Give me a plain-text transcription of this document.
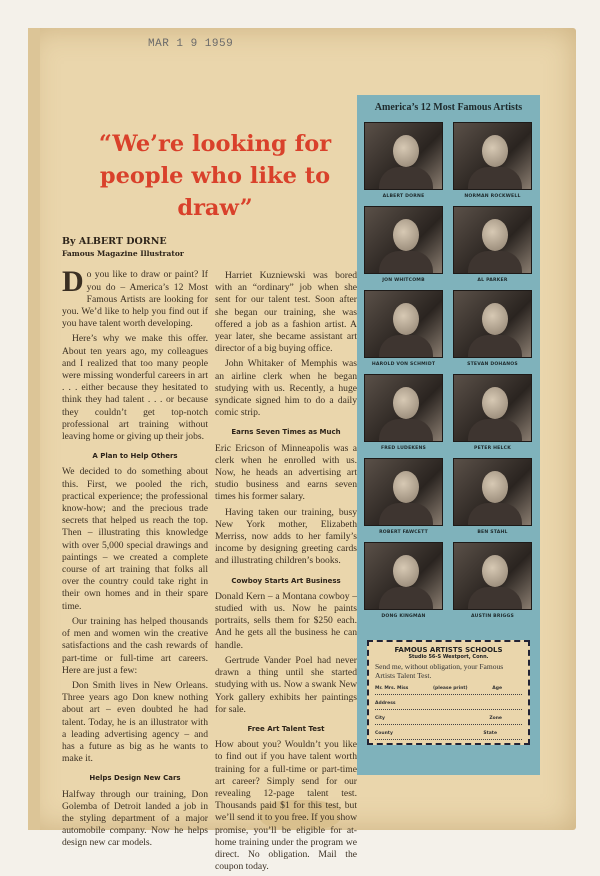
MAR 1 9 1959
“We’re looking for people who like to draw”
By ALBERT DORNE
Famous Magazine Illustrator

Do you like to draw or paint? If you do – America’s 12 Most Famous Artists are looking for you. We’d like to help you find out if you have talent worth developing.

Here’s why we make this offer. About ten years ago, my colleagues and I realized that too many people were missing wonderful careers in art . . . either because they hesitated to think they had talent . . . or because they couldn’t get top-notch professional art training without leaving home or giving up their jobs.

A Plan to Help Others

We decided to do something about this. First, we pooled the rich, practical experience; the professional know-how; and the precious trade secrets that helped us reach the top. Then – illustrating this knowledge with over 5,000 special drawings and paintings – we created a complete course of art training that folks all over the country could take right in their own homes and in their spare time.

Our training has helped thousands of men and women win the creative satisfactions and the cash rewards of part-time or full-time art careers. Here are just a few:

Don Smith lives in New Orleans. Three years ago Don knew nothing about art – even doubted he had talent. Today, he is an illustrator with a leading advertising agency – and has a future as big as he wants to make it.

Helps Design New Cars

Halfway through our training, Don Golemba of Detroit landed a job in the styling department of a major automobile company. Now he helps design new car models.

Harriet Kuzniewski was bored with an “ordinary” job when she sent for our talent test. Soon after she began our training, she was offered a job as a fashion artist. A year later, she became assistant art director of a big buying office.

John Whitaker of Memphis was an airline clerk when he began studying with us. Recently, a huge syndicate signed him to do a daily comic strip.

Earns Seven Times as Much

Eric Ericson of Minneapolis was a clerk when he enrolled with us. Now, he heads an advertising art studio business and earns seven times his former salary.

Having taken our training, busy New York mother, Elizabeth Merriss, now adds to her family’s income by designing greeting cards and illustrating children’s books.

Cowboy Starts Art Business

Donald Kern – a Montana cowboy – studied with us. Now he paints portraits, sells them for $250 each. And he gets all the business he can handle.

Gertrude Vander Poel had never drawn a thing until she started studying with us. Now a swank New York gallery exhibits her paintings for sale.

Free Art Talent Test

How about you? Wouldn’t you like to find out if you have talent worth training for a full-time or part-time art career? Simply send for our revealing 12-page talent test. Thousands paid $1 for this test, but we’ll send it to you free. If you show promise, you’ll be eligible for at-home training under the program we direct. No obligation. Mail the coupon today.

America’s 12 Most Famous Artists
ALBERT DORNE	NORMAN ROCKWELL
JON WHITCOMB	AL PARKER
HAROLD VON SCHMIDT	STEVAN DOHANOS
FRED LUDEKENS	PETER HELCK
ROBERT FAWCETT	BEN STAHL
DONG KINGMAN	AUSTIN BRIGGS
FAMOUS ARTISTS SCHOOLS
Studio 56-S Westport, Conn.
Send me, without obligation, your Famous Artists Talent Test.
Mr. Mrs. Miss	(please print)	Age
Address
City	Zone
County	State
